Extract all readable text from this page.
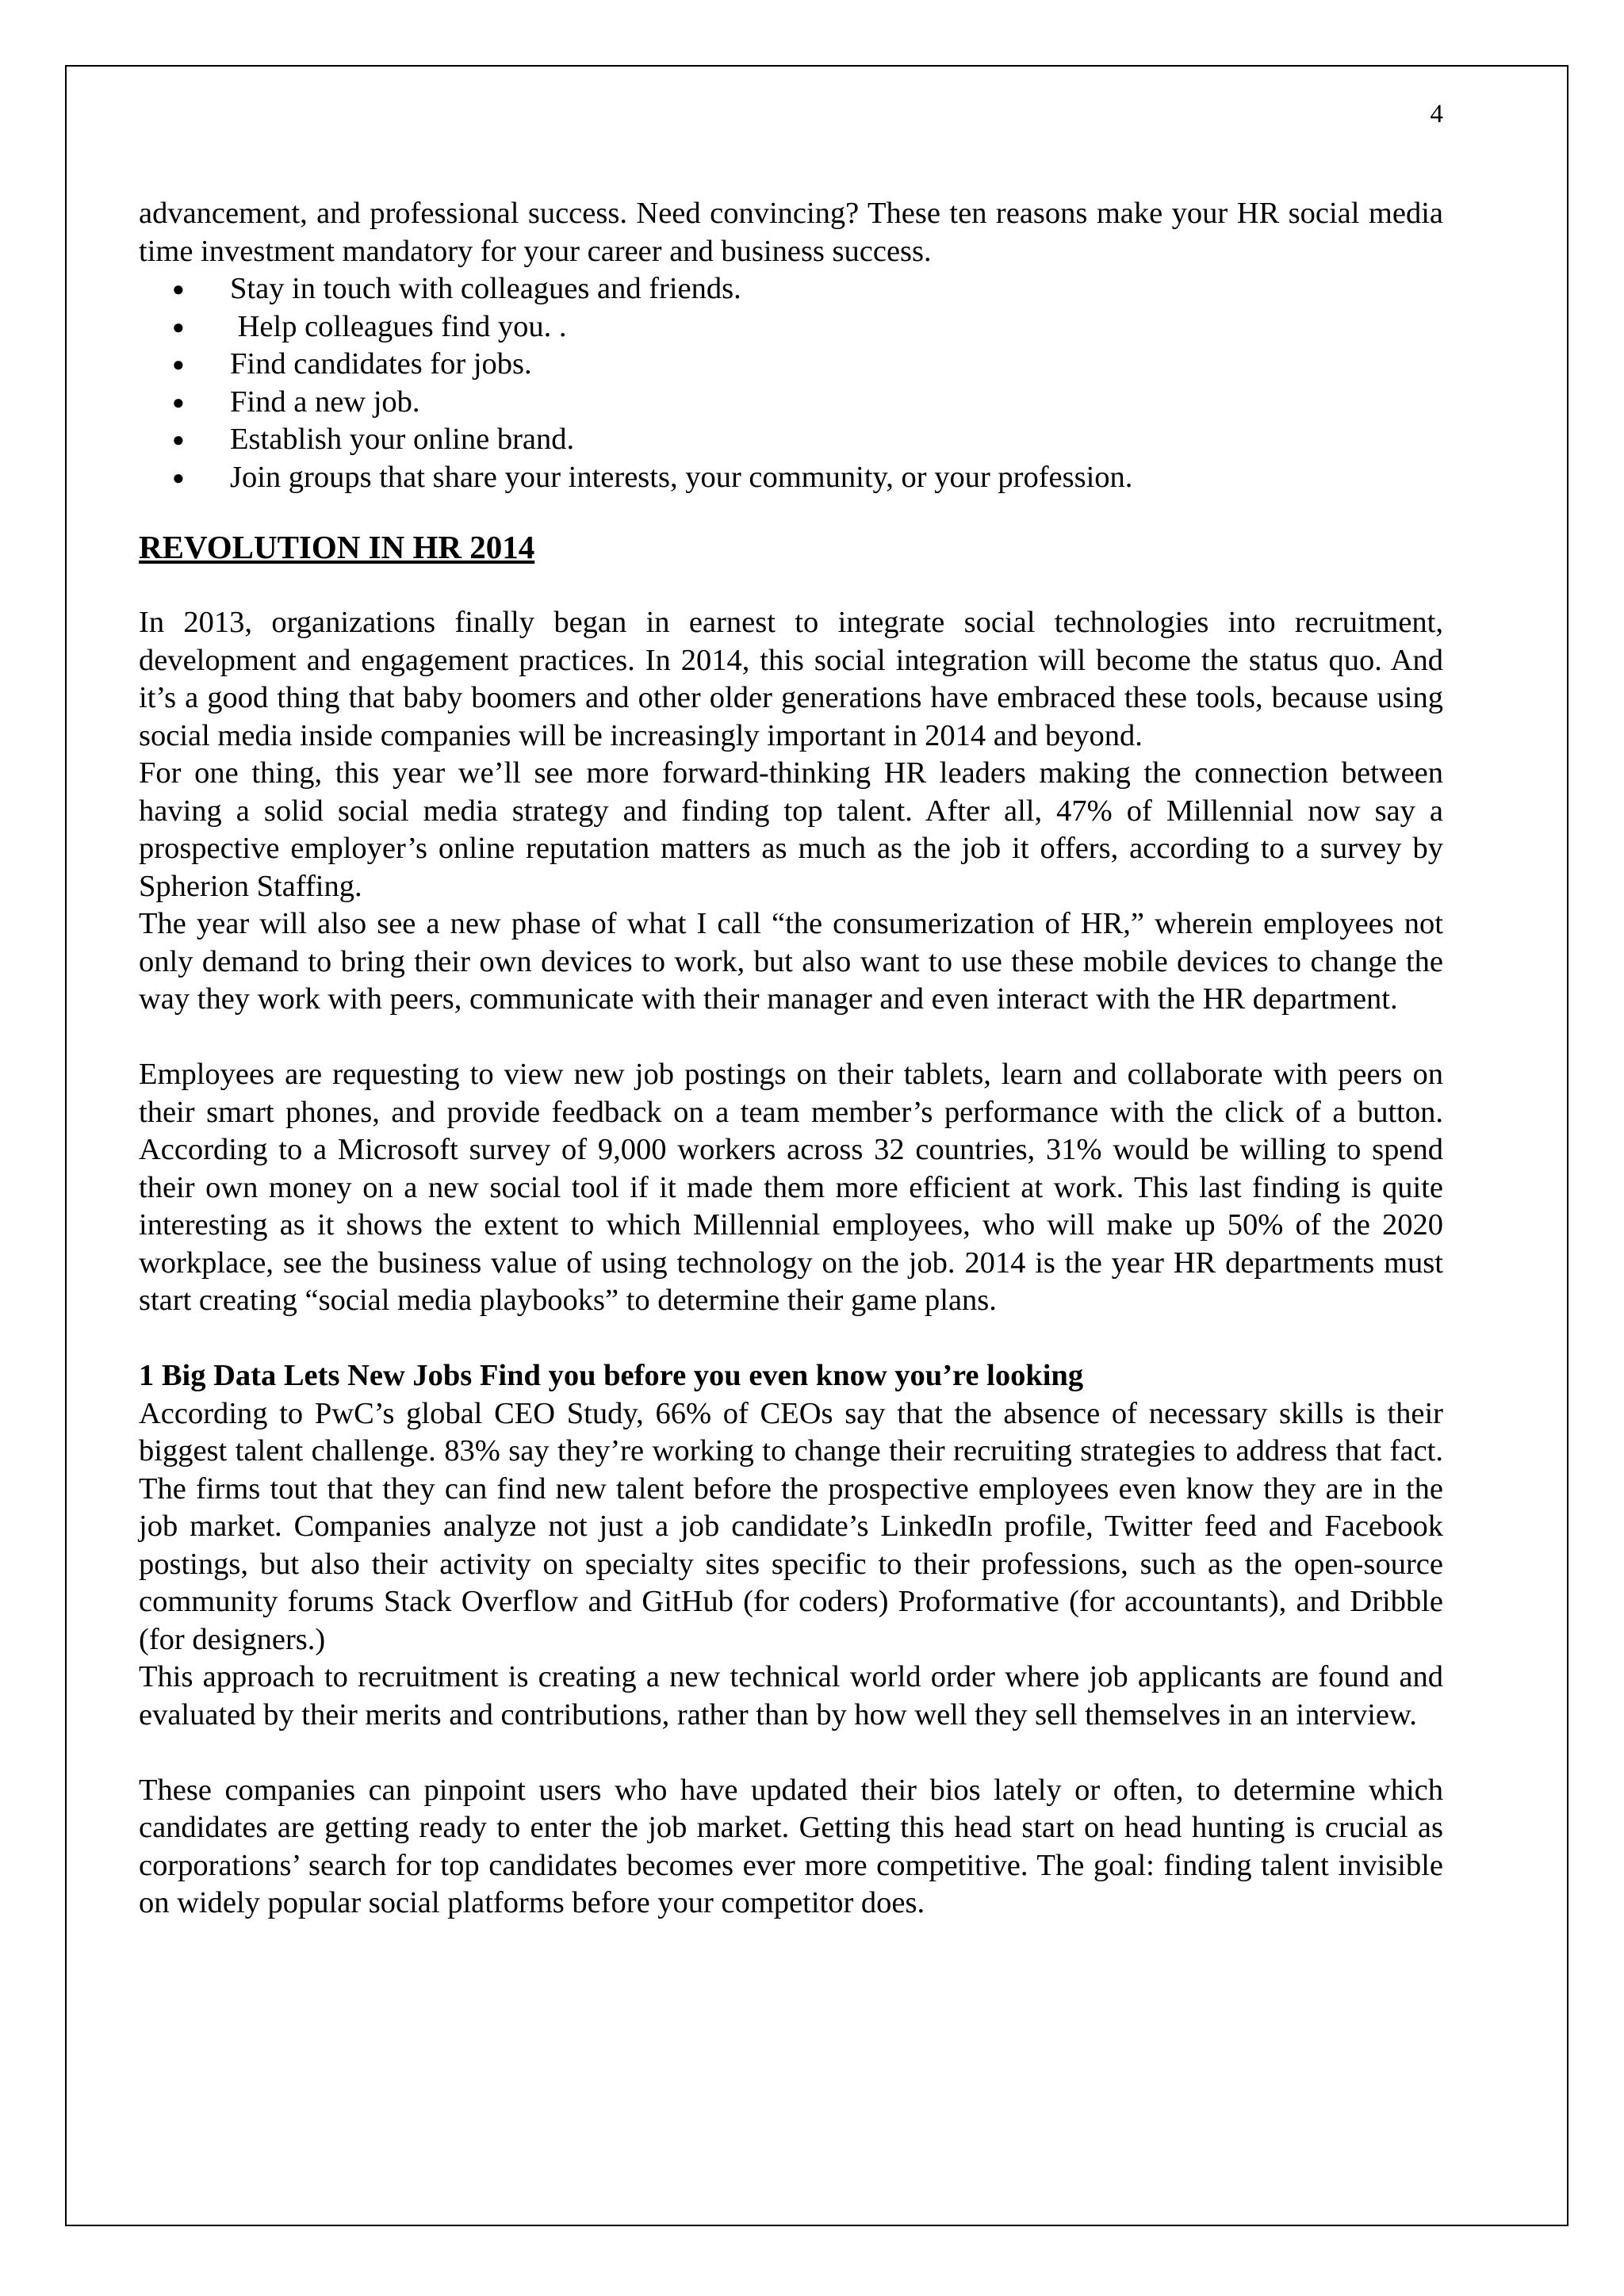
4

advancement, and professional success. Need convincing? These ten reasons make your HR social media time investment mandatory for your career and business success.

● Stay in touch with colleagues and friends.
● Help colleagues find you. .
● Find candidates for jobs.
● Find a new job.
● Establish your online brand.
● Join groups that share your interests, your community, or your profession.
REVOLUTION IN HR 2014

In 2013, organizations finally began in earnest to integrate social technologies into recruitment, development and engagement practices. In 2014, this social integration will become the status quo. And it’s a good thing that baby boomers and other older generations have embraced these tools, because using social media inside companies will be increasingly important in 2014 and beyond.

For one thing, this year we’ll see more forward-thinking HR leaders making the connection between having a solid social media strategy and finding top talent. After all, 47% of Millennial now say a prospective employer’s online reputation matters as much as the job it offers, according to a survey by Spherion Staffing.

The year will also see a new phase of what I call “the consumerization of HR,” wherein employees not only demand to bring their own devices to work, but also want to use these mobile devices to change the way they work with peers, communicate with their manager and even interact with the HR department.

Employees are requesting to view new job postings on their tablets, learn and collaborate with peers on their smart phones, and provide feedback on a team member’s performance with the click of a button. According to a Microsoft survey of 9,000 workers across 32 countries, 31% would be willing to spend their own money on a new social tool if it made them more efficient at work. This last finding is quite interesting as it shows the extent to which Millennial employees, who will make up 50% of the 2020 workplace, see the business value of using technology on the job. 2014 is the year HR departments must start creating “social media playbooks” to determine their game plans.

1 Big Data Lets New Jobs Find you before you even know you’re looking

According to PwC’s global CEO Study, 66% of CEOs say that the absence of necessary skills is their biggest talent challenge. 83% say they’re working to change their recruiting strategies to address that fact. The firms tout that they can find new talent before the prospective employees even know they are in the job market. Companies analyze not just a job candidate’s LinkedIn profile, Twitter feed and Facebook postings, but also their activity on specialty sites specific to their professions, such as the open-source community forums Stack Overflow and GitHub (for coders) Proformative (for accountants), and Dribble (for designers.)

This approach to recruitment is creating a new technical world order where job applicants are found and evaluated by their merits and contributions, rather than by how well they sell themselves in an interview.

These companies can pinpoint users who have updated their bios lately or often, to determine which candidates are getting ready to enter the job market. Getting this head start on head hunting is crucial as corporations’ search for top candidates becomes ever more competitive. The goal: finding talent invisible on widely popular social platforms before your competitor does.
